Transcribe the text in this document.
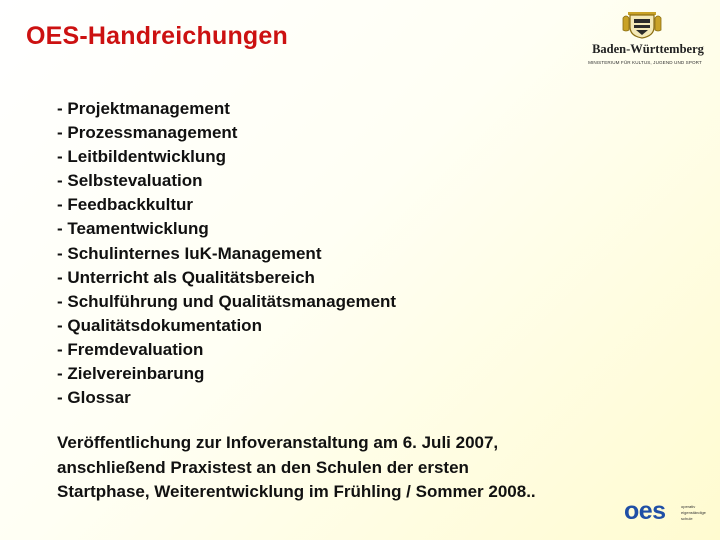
OES-Handreichungen	Baden-Württemberg
MINISTERIUM FÜR KULTUS, JUGEND UND SPORT
- Projektmanagement
- Prozessmanagement
- Leitbildentwicklung
- Selbstevaluation
- Feedbackkultur
- Teamentwicklung
- Schulinternes IuK-Management
- Unterricht als Qualitätsbereich
- Schulführung und Qualitätsmanagement
- Qualitätsdokumentation
- Fremdevaluation
- Zielvereinbarung
- Glossar
Veröffentlichung zur Infoveranstaltung am 6. Juli 2007,
anschließend Praxistest an den Schulen der ersten
Startphase, Weiterentwicklung im Frühling / Sommer 2008..
oes	operativ
eigenständige
schule
